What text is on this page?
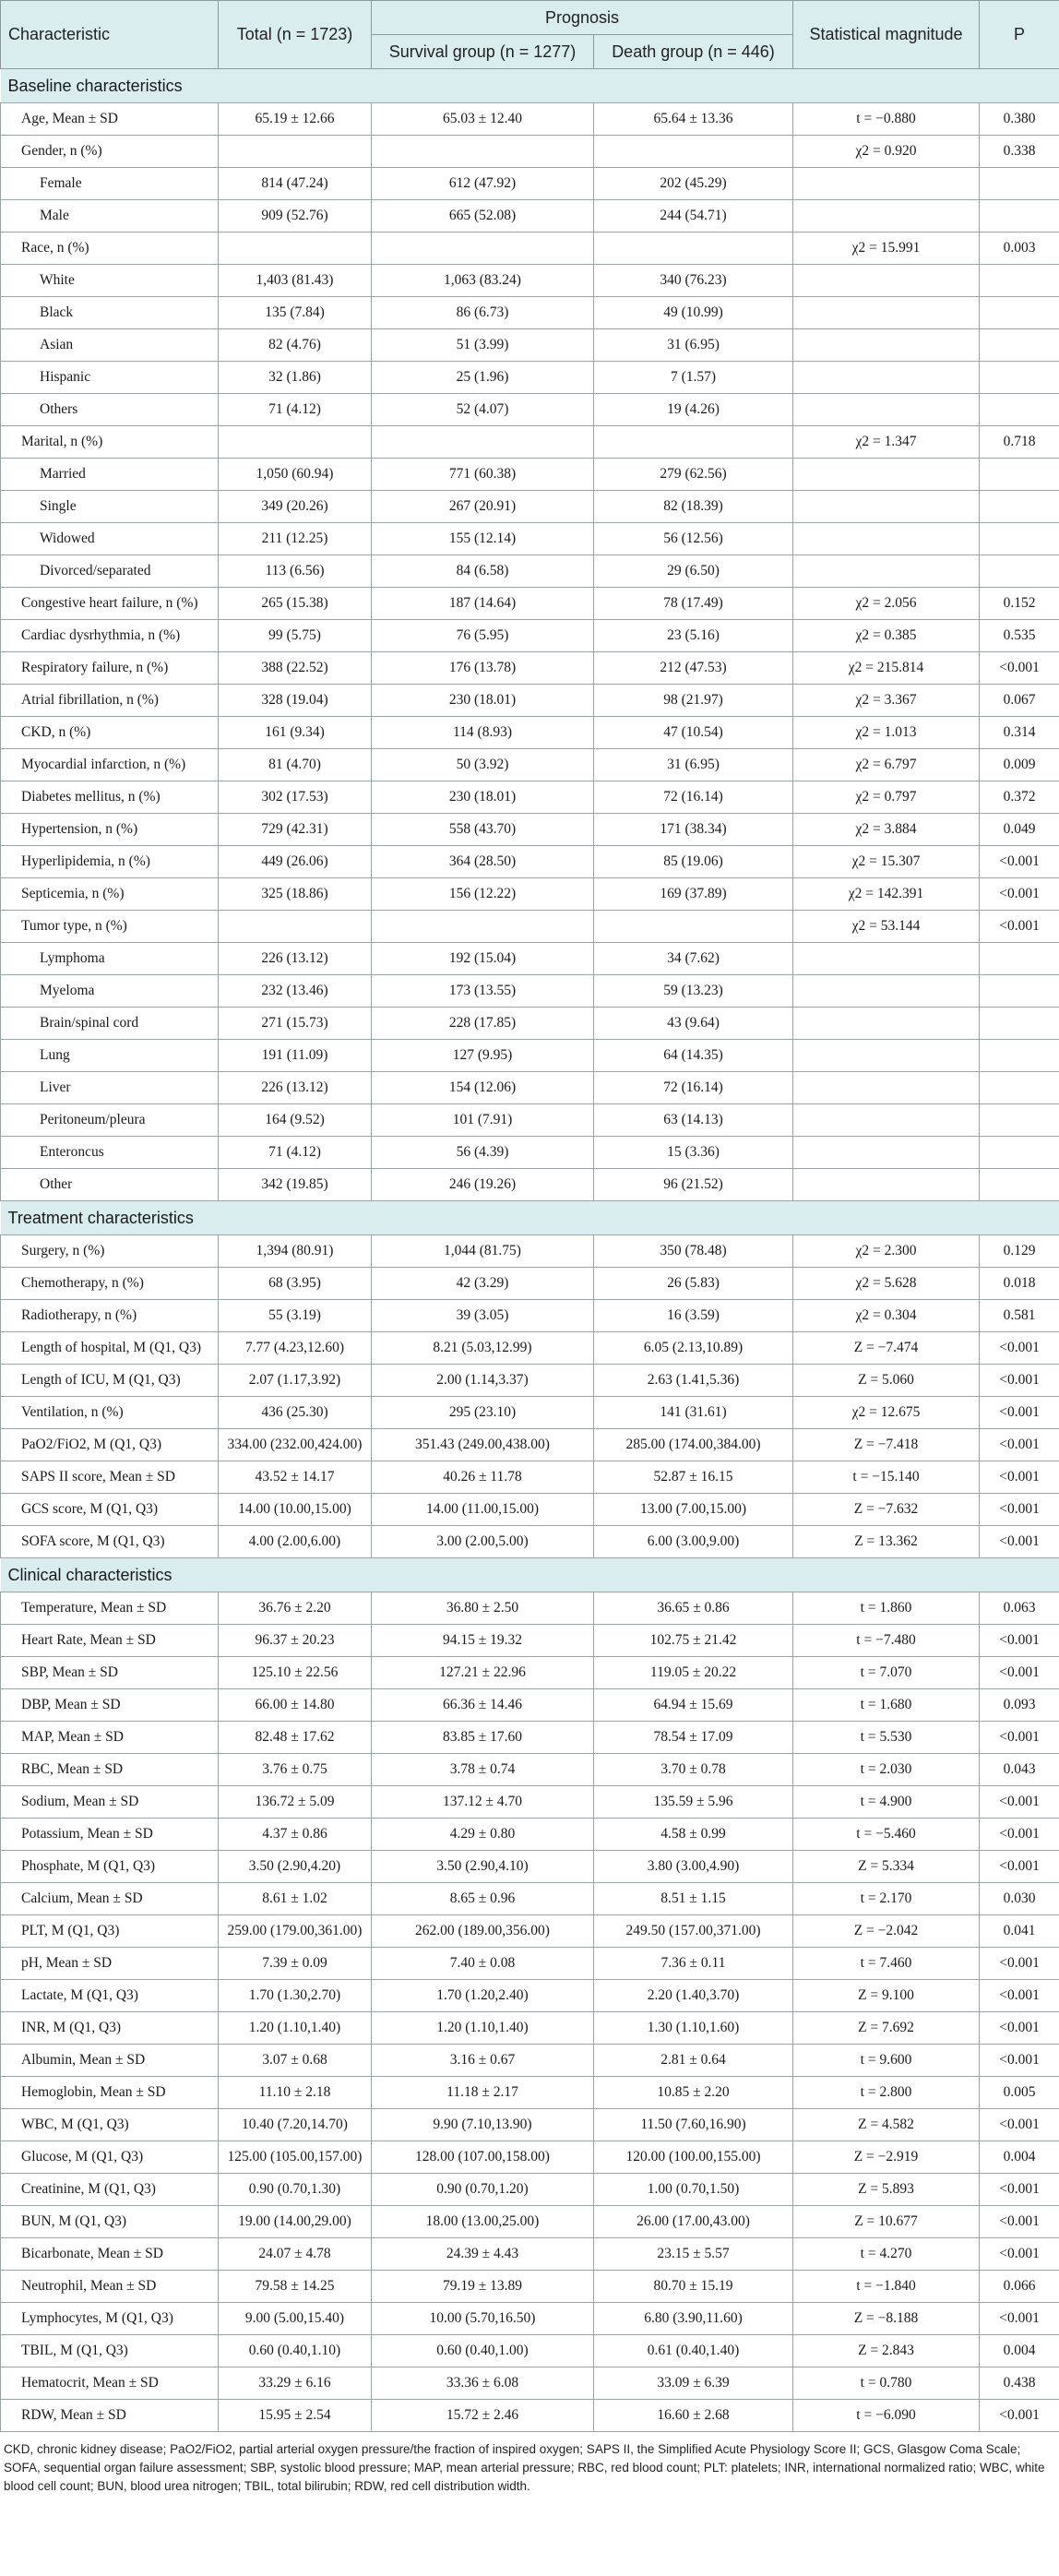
Characteristic	Total (n = 1723)	Prognosis		Statistical magnitude	P
		Survival group (n = 1277)	Death group (n = 446)		
Baseline characteristics					
Age, Mean ± SD	65.19 ± 12.66	65.03 ± 12.40	65.64 ± 13.36	t = −0.880	0.380
Gender, n (%)				χ2 = 0.920	0.338
Female	814 (47.24)	612 (47.92)	202 (45.29)		
Male	909 (52.76)	665 (52.08)	244 (54.71)		
Race, n (%)				χ2 = 15.991	0.003
White	1,403 (81.43)	1,063 (83.24)	340 (76.23)		
Black	135 (7.84)	86 (6.73)	49 (10.99)		
Asian	82 (4.76)	51 (3.99)	31 (6.95)		
Hispanic	32 (1.86)	25 (1.96)	7 (1.57)		
Others	71 (4.12)	52 (4.07)	19 (4.26)		
Marital, n (%)				χ2 = 1.347	0.718
Married	1,050 (60.94)	771 (60.38)	279 (62.56)		
Single	349 (20.26)	267 (20.91)	82 (18.39)		
Widowed	211 (12.25)	155 (12.14)	56 (12.56)		
Divorced/separated	113 (6.56)	84 (6.58)	29 (6.50)		
Congestive heart failure, n (%)	265 (15.38)	187 (14.64)	78 (17.49)	χ2 = 2.056	0.152
Cardiac dysrhythmia, n (%)	99 (5.75)	76 (5.95)	23 (5.16)	χ2 = 0.385	0.535
Respiratory failure, n (%)	388 (22.52)	176 (13.78)	212 (47.53)	χ2 = 215.814	<0.001
Atrial fibrillation, n (%)	328 (19.04)	230 (18.01)	98 (21.97)	χ2 = 3.367	0.067
CKD, n (%)	161 (9.34)	114 (8.93)	47 (10.54)	χ2 = 1.013	0.314
Myocardial infarction, n (%)	81 (4.70)	50 (3.92)	31 (6.95)	χ2 = 6.797	0.009
Diabetes mellitus, n (%)	302 (17.53)	230 (18.01)	72 (16.14)	χ2 = 0.797	0.372
Hypertension, n (%)	729 (42.31)	558 (43.70)	171 (38.34)	χ2 = 3.884	0.049
Hyperlipidemia, n (%)	449 (26.06)	364 (28.50)	85 (19.06)	χ2 = 15.307	<0.001
Septicemia, n (%)	325 (18.86)	156 (12.22)	169 (37.89)	χ2 = 142.391	<0.001
Tumor type, n (%)				χ2 = 53.144	<0.001
Lymphoma	226 (13.12)	192 (15.04)	34 (7.62)		
Myeloma	232 (13.46)	173 (13.55)	59 (13.23)		
Brain/spinal cord	271 (15.73)	228 (17.85)	43 (9.64)		
Lung	191 (11.09)	127 (9.95)	64 (14.35)		
Liver	226 (13.12)	154 (12.06)	72 (16.14)		
Peritoneum/pleura	164 (9.52)	101 (7.91)	63 (14.13)		
Enteroncus	71 (4.12)	56 (4.39)	15 (3.36)		
Other	342 (19.85)	246 (19.26)	96 (21.52)		
Treatment characteristics					
Surgery, n (%)	1,394 (80.91)	1,044 (81.75)	350 (78.48)	χ2 = 2.300	0.129
Chemotherapy, n (%)	68 (3.95)	42 (3.29)	26 (5.83)	χ2 = 5.628	0.018
Radiotherapy, n (%)	55 (3.19)	39 (3.05)	16 (3.59)	χ2 = 0.304	0.581
Length of hospital, M (Q1, Q3)	7.77 (4.23,12.60)	8.21 (5.03,12.99)	6.05 (2.13,10.89)	Z = −7.474	<0.001
Length of ICU, M (Q1, Q3)	2.07 (1.17,3.92)	2.00 (1.14,3.37)	2.63 (1.41,5.36)	Z = 5.060	<0.001
Ventilation, n (%)	436 (25.30)	295 (23.10)	141 (31.61)	χ2 = 12.675	<0.001
PaO2/FiO2, M (Q1, Q3)	334.00 (232.00,424.00)	351.43 (249.00,438.00)	285.00 (174.00,384.00)	Z = −7.418	<0.001
SAPS II score, Mean ± SD	43.52 ± 14.17	40.26 ± 11.78	52.87 ± 16.15	t = −15.140	<0.001
GCS score, M (Q1, Q3)	14.00 (10.00,15.00)	14.00 (11.00,15.00)	13.00 (7.00,15.00)	Z = −7.632	<0.001
SOFA score, M (Q1, Q3)	4.00 (2.00,6.00)	3.00 (2.00,5.00)	6.00 (3.00,9.00)	Z = 13.362	<0.001
Clinical characteristics					
Temperature, Mean ± SD	36.76 ± 2.20	36.80 ± 2.50	36.65 ± 0.86	t = 1.860	0.063
Heart Rate, Mean ± SD	96.37 ± 20.23	94.15 ± 19.32	102.75 ± 21.42	t = −7.480	<0.001
SBP, Mean ± SD	125.10 ± 22.56	127.21 ± 22.96	119.05 ± 20.22	t = 7.070	<0.001
DBP, Mean ± SD	66.00 ± 14.80	66.36 ± 14.46	64.94 ± 15.69	t = 1.680	0.093
MAP, Mean ± SD	82.48 ± 17.62	83.85 ± 17.60	78.54 ± 17.09	t = 5.530	<0.001
RBC, Mean ± SD	3.76 ± 0.75	3.78 ± 0.74	3.70 ± 0.78	t = 2.030	0.043
Sodium, Mean ± SD	136.72 ± 5.09	137.12 ± 4.70	135.59 ± 5.96	t = 4.900	<0.001
Potassium, Mean ± SD	4.37 ± 0.86	4.29 ± 0.80	4.58 ± 0.99	t = −5.460	<0.001
Phosphate, M (Q1, Q3)	3.50 (2.90,4.20)	3.50 (2.90,4.10)	3.80 (3.00,4.90)	Z = 5.334	<0.001
Calcium, Mean ± SD	8.61 ± 1.02	8.65 ± 0.96	8.51 ± 1.15	t = 2.170	0.030
PLT, M (Q1, Q3)	259.00 (179.00,361.00)	262.00 (189.00,356.00)	249.50 (157.00,371.00)	Z = −2.042	0.041
pH, Mean ± SD	7.39 ± 0.09	7.40 ± 0.08	7.36 ± 0.11	t = 7.460	<0.001
Lactate, M (Q1, Q3)	1.70 (1.30,2.70)	1.70 (1.20,2.40)	2.20 (1.40,3.70)	Z = 9.100	<0.001
INR, M (Q1, Q3)	1.20 (1.10,1.40)	1.20 (1.10,1.40)	1.30 (1.10,1.60)	Z = 7.692	<0.001
Albumin, Mean ± SD	3.07 ± 0.68	3.16 ± 0.67	2.81 ± 0.64	t = 9.600	<0.001
Hemoglobin, Mean ± SD	11.10 ± 2.18	11.18 ± 2.17	10.85 ± 2.20	t = 2.800	0.005
WBC, M (Q1, Q3)	10.40 (7.20,14.70)	9.90 (7.10,13.90)	11.50 (7.60,16.90)	Z = 4.582	<0.001
Glucose, M (Q1, Q3)	125.00 (105.00,157.00)	128.00 (107.00,158.00)	120.00 (100.00,155.00)	Z = −2.919	0.004
Creatinine, M (Q1, Q3)	0.90 (0.70,1.30)	0.90 (0.70,1.20)	1.00 (0.70,1.50)	Z = 5.893	<0.001
BUN, M (Q1, Q3)	19.00 (14.00,29.00)	18.00 (13.00,25.00)	26.00 (17.00,43.00)	Z = 10.677	<0.001
Bicarbonate, Mean ± SD	24.07 ± 4.78	24.39 ± 4.43	23.15 ± 5.57	t = 4.270	<0.001
Neutrophil, Mean ± SD	79.58 ± 14.25	79.19 ± 13.89	80.70 ± 15.19	t = −1.840	0.066
Lymphocytes, M (Q1, Q3)	9.00 (5.00,15.40)	10.00 (5.70,16.50)	6.80 (3.90,11.60)	Z = −8.188	<0.001
TBIL, M (Q1, Q3)	0.60 (0.40,1.10)	0.60 (0.40,1.00)	0.61 (0.40,1.40)	Z = 2.843	0.004
Hematocrit, Mean ± SD	33.29 ± 6.16	33.36 ± 6.08	33.09 ± 6.39	t = 0.780	0.438
RDW, Mean ± SD	15.95 ± 2.54	15.72 ± 2.46	16.60 ± 2.68	t = −6.090	<0.001
CKD, chronic kidney disease; PaO2/FiO2, partial arterial oxygen pressure/the fraction of inspired oxygen; SAPS II, the Simplified Acute Physiology Score II; GCS, Glasgow Coma Scale; SOFA, sequential organ failure assessment; SBP, systolic blood pressure; MAP, mean arterial pressure; RBC, red blood count; PLT: platelets; INR, international normalized ratio; WBC, white blood cell count; BUN, blood urea nitrogen; TBIL, total bilirubin; RDW, red cell distribution width.
